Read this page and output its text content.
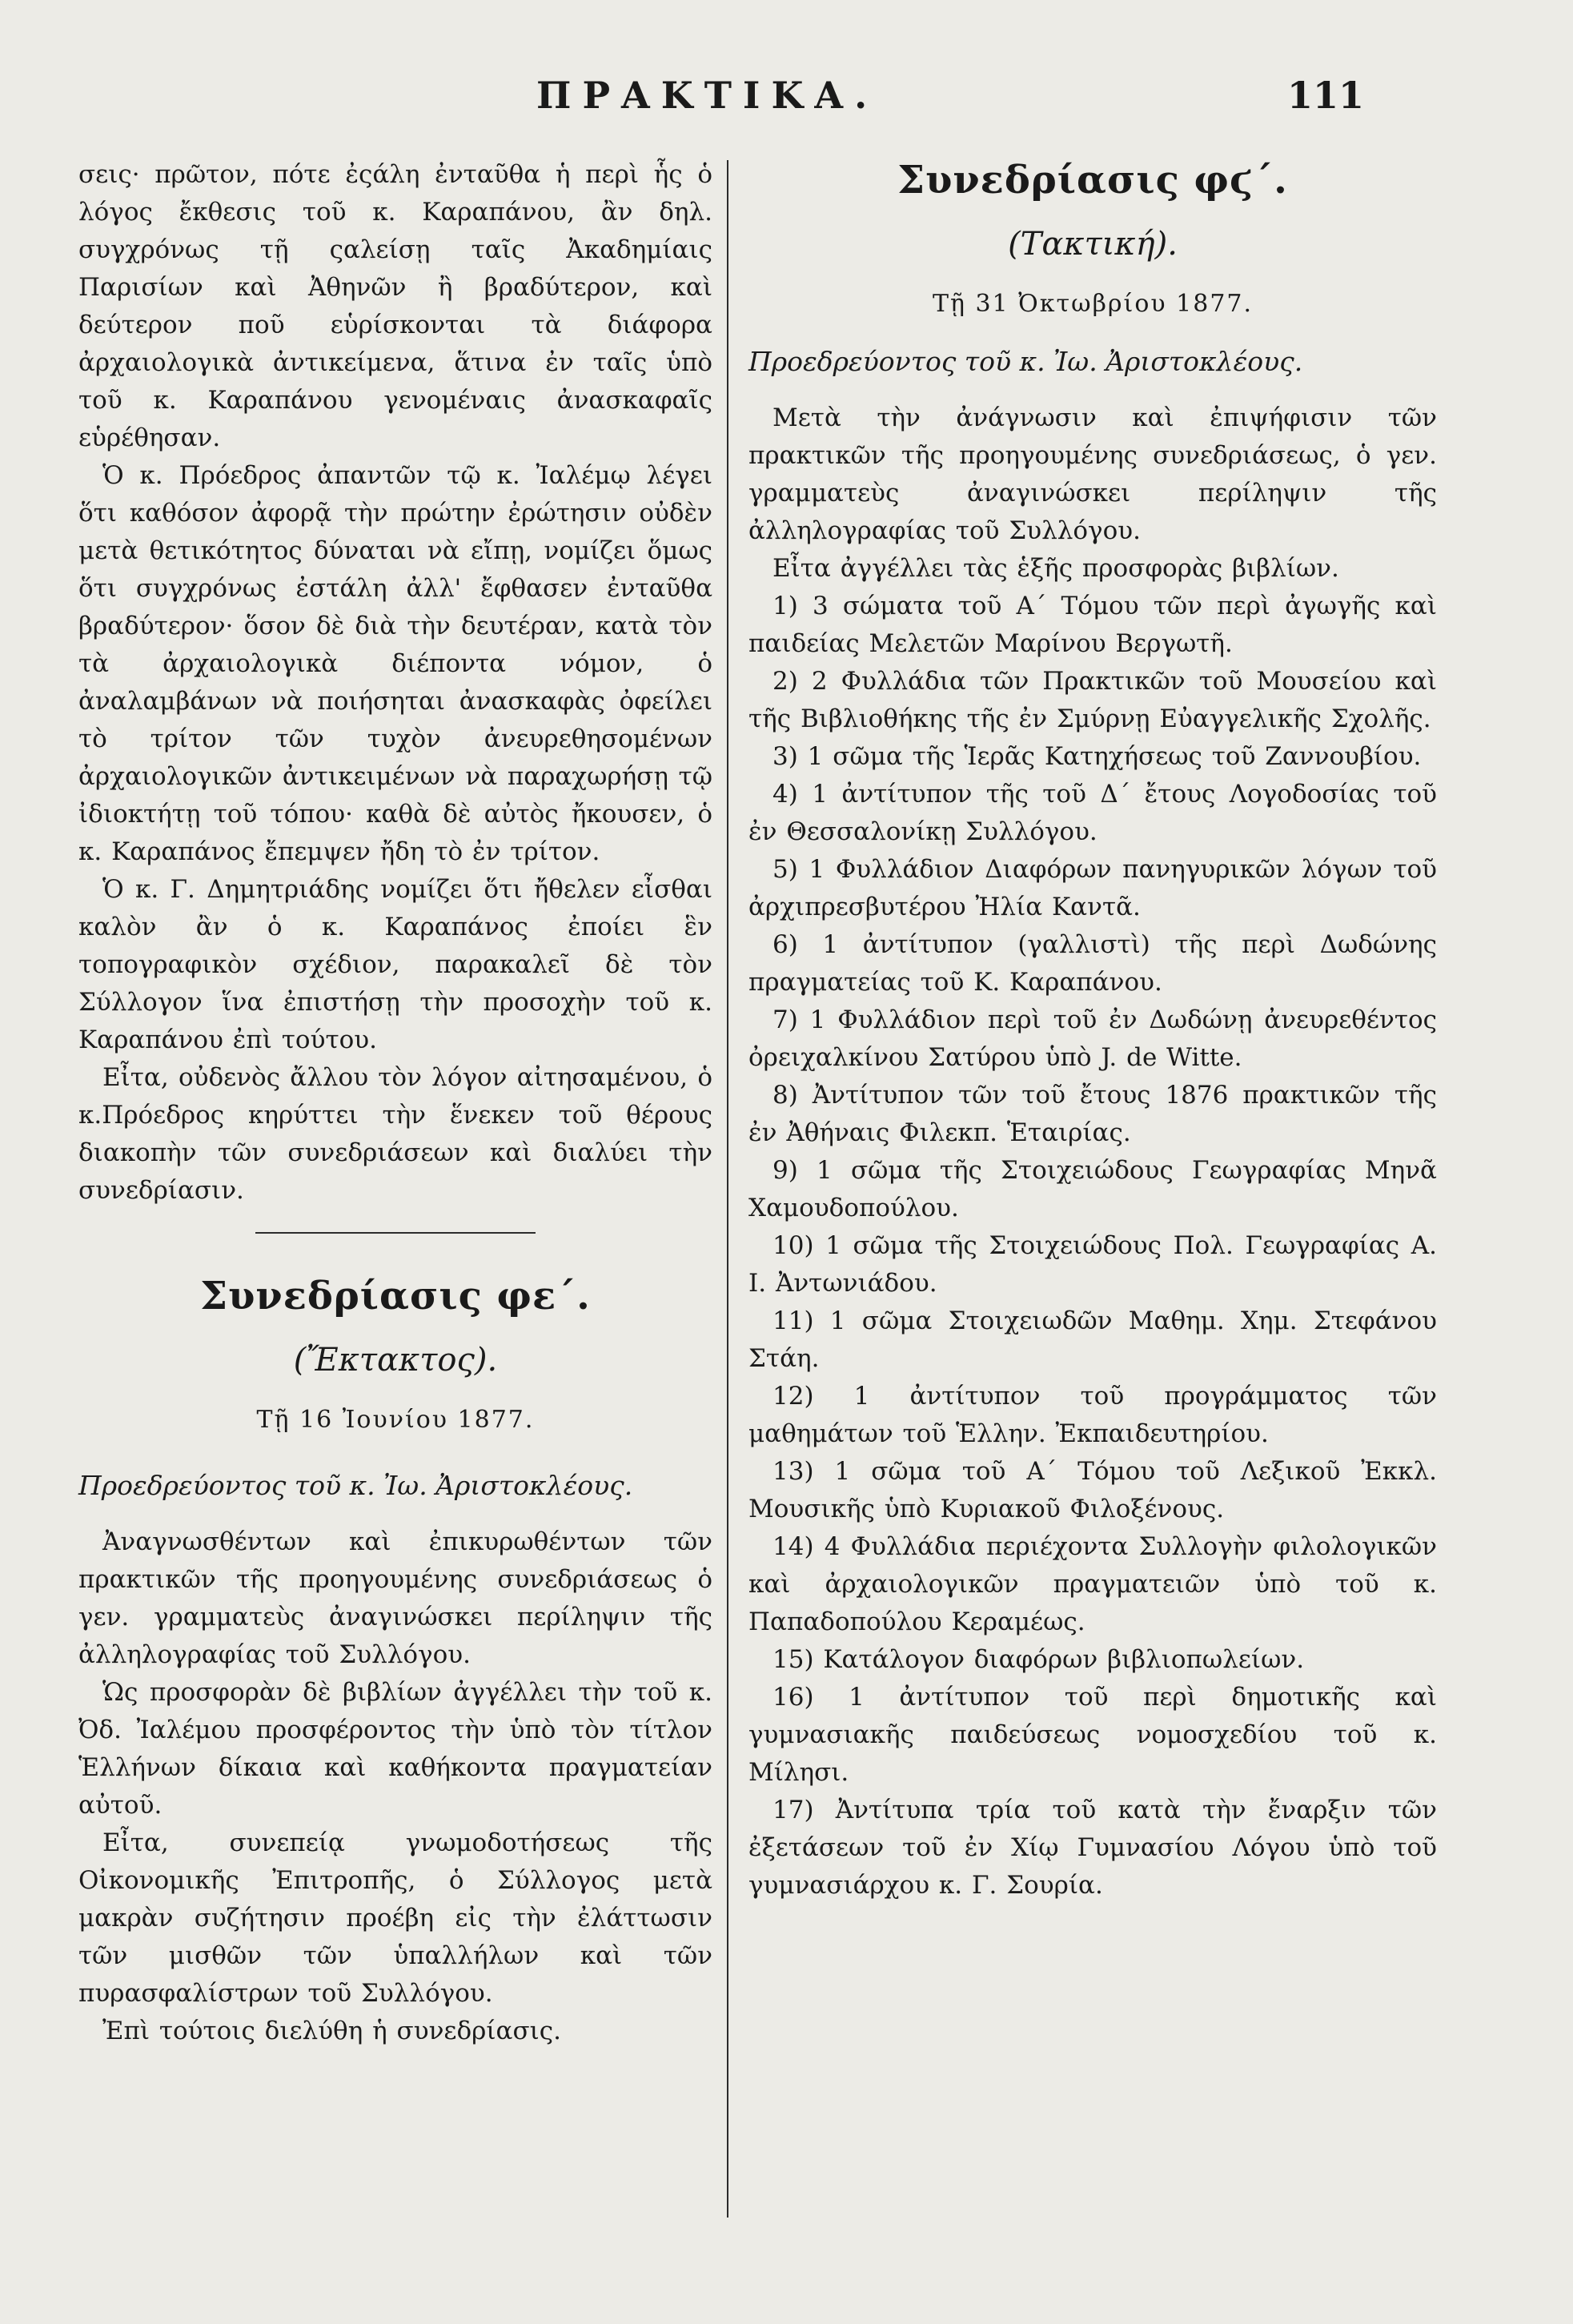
ΠΡΑΚΤΙΚΑ.	111

σεις· πρῶτον, πότε ἐςάλη ἐνταῦθα ἡ περὶ ἧς ὁ λόγος ἔκθεσις τοῦ κ. Καραπάνου, ἂν δηλ. συγχρόνως τῇ ςαλείσῃ ταῖς Ἀκαδημίαις Παρισίων καὶ Ἀθηνῶν ἢ βραδύτερον, καὶ δεύτερον ποῦ εὑρίσκονται τὰ διάφορα ἀρχαιολογικὰ ἀντικείμενα, ἅτινα ἐν ταῖς ὑπὸ τοῦ κ. Καραπάνου γενομέναις ἀνασκαφαῖς εὑρέθησαν.

Ὁ κ. Πρόεδρος ἀπαντῶν τῷ κ. Ἰαλέμῳ λέγει ὅτι καθόσον ἀφορᾷ τὴν πρώτην ἐρώτησιν οὐδὲν μετὰ θετικότητος δύναται νὰ εἴπῃ, νομίζει ὅμως ὅτι συγχρόνως ἐστάλη ἀλλ' ἔφθασεν ἐνταῦθα βραδύτερον· ὅσον δὲ διὰ τὴν δευτέραν, κατὰ τὸν τὰ ἀρχαιολογικὰ διέποντα νόμον, ὁ ἀναλαμβάνων νὰ ποιήσηται ἀνασκαφὰς ὀφείλει τὸ τρίτον τῶν τυχὸν ἀνευρεθησομένων ἀρχαιολογικῶν ἀντικειμένων νὰ παραχωρήσῃ τῷ ἰδιοκτήτῃ τοῦ τόπου· καθὰ δὲ αὐτὸς ἤκουσεν, ὁ κ. Καραπάνος ἔπεμψεν ἤδη τὸ ἐν τρίτον.

Ὁ κ. Γ. Δημητριάδης νομίζει ὅτι ἤθελεν εἶσθαι καλὸν ἂν ὁ κ. Καραπάνος ἐποίει ἓν τοπογραφικὸν σχέδιον, παρακαλεῖ δὲ τὸν Σύλλογον ἵνα ἐπιστήσῃ τὴν προσοχὴν τοῦ κ. Καραπάνου ἐπὶ τούτου.

Εἶτα, οὐδενὸς ἄλλου τὸν λόγον αἰτησαμένου, ὁ κ.Πρόεδρος κηρύττει τὴν ἕνεκεν τοῦ θέρους διακοπὴν τῶν συνεδριάσεων καὶ διαλύει τὴν συνεδρίασιν.

Συνεδρίασις φε΄.

(Ἔκτακτος).

Τῇ 16 Ἰουνίου 1877.

Προεδρεύοντος τοῦ κ. Ἰω. Ἀριστοκλέους.

Ἀναγνωσθέντων καὶ ἐπικυρωθέντων τῶν πρακτικῶν τῆς προηγουμένης συνεδριάσεως ὁ γεν. γραμματεὺς ἀναγινώσκει περίληψιν τῆς ἀλληλογραφίας τοῦ Συλλόγου.

Ὡς προσφορὰν δὲ βιβλίων ἀγγέλλει τὴν τοῦ κ. Ὀδ. Ἰαλέμου προσφέροντος τὴν ὑπὸ τὸν τίτλον Ἑλλήνων δίκαια καὶ καθήκοντα πραγματείαν αὐτοῦ.

Εἶτα, συνεπείᾳ γνωμοδοτήσεως τῆς Οἰκονομικῆς Ἐπιτροπῆς, ὁ Σύλλογος μετὰ μακρὰν συζήτησιν προέβη εἰς τὴν ἐλάττωσιν τῶν μισθῶν τῶν ὑπαλλήλων καὶ τῶν πυρασφαλίστρων τοῦ Συλλόγου.

Ἐπὶ τούτοις διελύθη ἡ συνεδρίασις.

Συνεδρίασις φϛ΄.

(Τακτική).

Τῇ 31 Ὀκτωβρίου 1877.

Προεδρεύοντος τοῦ κ. Ἰω. Ἀριστοκλέους.

Μετὰ τὴν ἀνάγνωσιν καὶ ἐπιψήφισιν τῶν πρακτικῶν τῆς προηγουμένης συνεδριάσεως, ὁ γεν. γραμματεὺς ἀναγινώσκει περίληψιν τῆς ἀλληλογραφίας τοῦ Συλλόγου.

Εἶτα ἀγγέλλει τὰς ἑξῆς προσφορὰς βιβλίων.

1) 3 σώματα τοῦ Α΄ Τόμου τῶν περὶ ἀγωγῆς καὶ παιδείας Μελετῶν Μαρίνου Βεργωτῆ.

2) 2 Φυλλάδια τῶν Πρακτικῶν τοῦ Μουσείου καὶ τῆς Βιβλιοθήκης τῆς ἐν Σμύρνῃ Εὐαγγελικῆς Σχολῆς.

3) 1 σῶμα τῆς Ἱερᾶς Κατηχήσεως τοῦ Ζαννουβίου.

4) 1 ἀντίτυπον τῆς τοῦ Δ΄ ἔτους Λογοδοσίας τοῦ ἐν Θεσσαλονίκῃ Συλλόγου.

5) 1 Φυλλάδιον Διαφόρων πανηγυρικῶν λόγων τοῦ ἀρχιπρεσβυτέρου Ἠλία Καντᾶ.

6) 1 ἀντίτυπον (γαλλιστὶ) τῆς περὶ Δωδώνης πραγματείας τοῦ Κ. Καραπάνου.

7) 1 Φυλλάδιον περὶ τοῦ ἐν Δωδώνῃ ἀνευρεθέντος ὀρειχαλκίνου Σατύρου ὑπὸ J. de Witte.

8) Ἀντίτυπον τῶν τοῦ ἔτους 1876 πρακτικῶν τῆς ἐν Ἀθήναις Φιλεκπ. Ἑταιρίας.

9) 1 σῶμα τῆς Στοιχειώδους Γεωγραφίας Μηνᾶ Χαμουδοπούλου.

10) 1 σῶμα τῆς Στοιχειώδους Πολ. Γεωγραφίας Α. Ι. Ἀντωνιάδου.

11) 1 σῶμα Στοιχειωδῶν Μαθημ. Χημ. Στεφάνου Στάη.

12) 1 ἀντίτυπον τοῦ προγράμματος τῶν μαθημάτων τοῦ Ἑλλην. Ἐκπαιδευτηρίου.

13) 1 σῶμα τοῦ Α΄ Τόμου τοῦ Λεξικοῦ Ἐκκλ. Μουσικῆς ὑπὸ Κυριακοῦ Φιλοξένους.

14) 4 Φυλλάδια περιέχοντα Συλλογὴν φιλολογικῶν καὶ ἀρχαιολογικῶν πραγματειῶν ὑπὸ τοῦ κ. Παπαδοπούλου Κεραμέως.

15) Κατάλογον διαφόρων βιβλιοπωλείων.

16) 1 ἀντίτυπον τοῦ περὶ δημοτικῆς καὶ γυμνασιακῆς παιδεύσεως νομοσχεδίου τοῦ κ. Μίλησι.

17) Ἀντίτυπα τρία τοῦ κατὰ τὴν ἔναρξιν τῶν ἐξετάσεων τοῦ ἐν Χίῳ Γυμνασίου Λόγου ὑπὸ τοῦ γυμνασιάρχου κ. Γ. Σουρία.
